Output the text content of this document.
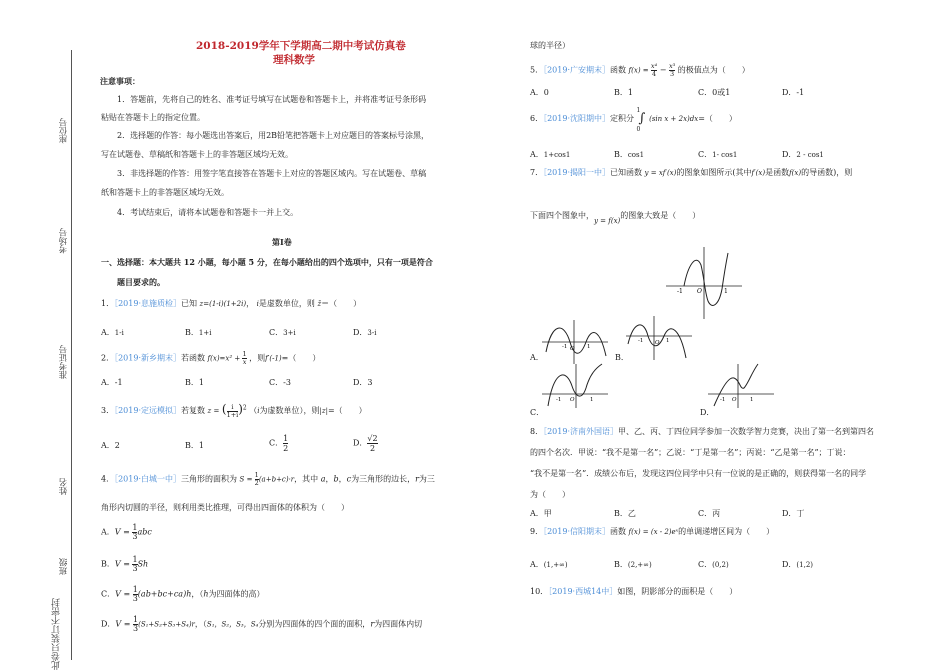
座位号
考场号
准考证号
姓名
班级
此卷只装订不密封
2018-2019学年下学期高二期中考试仿真卷
理科数学
注意事项：
1．答题前，先将自己的姓名、准考证号填写在试题卷和答题卡上，并将准考证号条形码
粘贴在答题卡上的指定位置。
2．选择题的作答：每小题选出答案后，用2B铅笔把答题卡上对应题目的答案标号涂黑，
写在试题卷、草稿纸和答题卡上的非答题区域均无效。
3．非选择题的作答：用签字笔直接答在答题卡上对应的答题区域内。写在试题卷、草稿
纸和答题卡上的非答题区域均无效。
4．考试结束后，请将本试题卷和答题卡一并上交。
第Ⅰ卷
一、选择题：本大题共 12 小题，每小题 5 分，在每小题给出的四个选项中，只有一项是符合
题目要求的。
1．［2019·息施质检］已知 z=(1-i)(1+2i)， i是虚数单位，则 z̄＝（　　）
A．1-i	B．1+i	C．3+i	D．3-i
2．［2019·新乡期末］若函数 $f(x)=x^2 + \frac{1}{x}$ ，则f′(-1)=（　　）
A．-1	B．1	C．-3	D．3
3．［2019·定远模拟］若复数 z = ( $\frac{i}{1+i} )^2$ （i为虚数单位），则|z|=（　　）
A．2	B．1	C． $\frac{1}{2}$	D． $\frac{√2}{2}$
4．［2019·白城一中］三角形的面积为 $S = \frac{1}{2} (a+b+c)\cdot r$，其中 a，b，c为三角形的边长，r为三
角形内切圆的半径，则利用类比推理，可得出四面体的体积为（　　）
A．$V = \frac{1}{3}$ abc
B．$V = \frac{1}{3}$ Sh
C．$V = \frac{1}{3} (ab+bc+ca)h$，（h为四面体的高）
D．$V = \frac{1}{3} (S_1+S_2+S_3+S_4)r$，（S₁，S₂，S₃，S₄分别为四面体的四个面的面积，r为四面体内切
球的半径）
5．［2019·广安期末］函数 $f(x) = \frac{\text{x⁴}}{4} - \frac{\text{x³}}{3}$ 的极值点为（　　）
A．0	B．1	C．0或1	D．-1
6．［2019·沈阳期中］定积分
1
∫
0
(sin x + 2x)dx=（　　）
A．1+cos1	B．cos1	C．1- cos1	D．2 - cos1
7．［2019·揭阳一中］已知函数 y = xf′(x)的图象如图所示(其中f′(x)是函数f(x)的导函数)，则
下面四个图象中，y = f(x)的图象大致是（　　）
-1 O	1
-1 O 1
A．
-1 O 1
B．
-1 O	1
C．
-1 O 1
D．
8．［2019·济南外国语］甲、乙、丙、丁四位同学参加一次数学智力竞赛，决出了第一名到第四名
的四个名次．甲说：“我不是第一名”；乙说：“丁是第一名”；丙说：“乙是第一名”；丁说：
“我不是第一名”．成绩公布后，发现这四位同学中只有一位说的是正确的，则获得第一名的同学
为（　　）
A．甲	B．乙	C．丙	D．丁
9．［2019·信阳期末］函数 f(x) = (x - 2)eˣ的单调递增区间为（　　）
A．(1,+∞)	B．(2,+∞)	C．(0,2)	D．(1,2)
10．［2019·西城14中］如图，阴影部分的面积是（　　）
